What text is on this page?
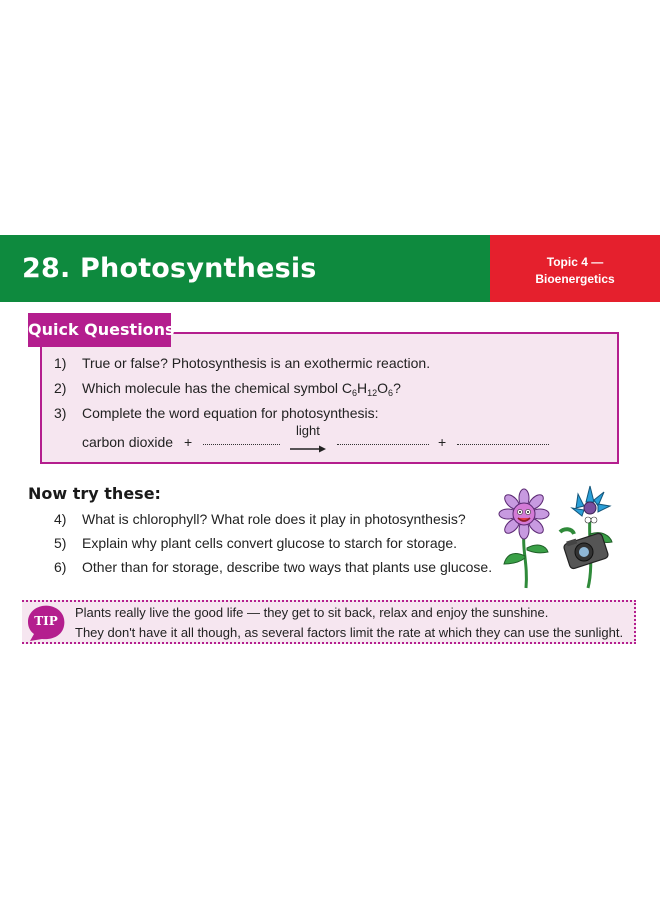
28. Photosynthesis	Topic 4 —
Bioenergetics
Quick Questions
1)	True or false? Photosynthesis is an exothermic reaction.
2)	Which molecule has the chemical symbol $C_6H_{12}O_6$?
3)	Complete the word equation for photosynthesis:
carbon dioxide +
light
+
Now try these:
4)	What is chlorophyll? What role does it play in photosynthesis?
5)	Explain why plant cells convert glucose to starch for storage.
6)	Other than for storage, describe two ways that plants use glucose.
TIP
Plants really live the good life — they get to sit back, relax and enjoy the sunshine.
They don't have it all though, as several factors limit the rate at which they can use the sunlight.
